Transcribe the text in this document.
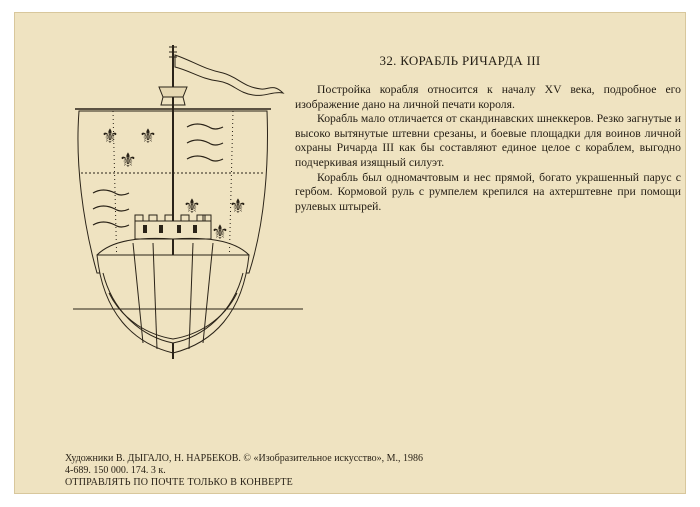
⚜ ⚜
⚜
⚜ ⚜
⚜
32. КОРАБЛЬ РИЧАРДА III

Постройка корабля относится к началу XV века, подробное его изображение дано на личной печати короля.

Корабль мало отличается от скандинавских шнеккеров. Резко загнутые и высоко вытянутые штевни срезаны, и боевые площадки для воинов личной охраны Ричарда III как бы составляют единое целое с кораблем, выгодно подчеркивая изящный силуэт.

Корабль был одномачтовым и нес прямой, богато украшенный парус с гербом. Кормовой руль с румпелем крепился на ахтерштевне при помощи рулевых штырей.

Художники В. ДЫГАЛО, Н. НАРБЕКОВ. © «Изобразительное искусство», М., 1986
4-689. 150 000. 174. 3 к.
ОТПРАВЛЯТЬ ПО ПОЧТЕ ТОЛЬКО В КОНВЕРТЕ
